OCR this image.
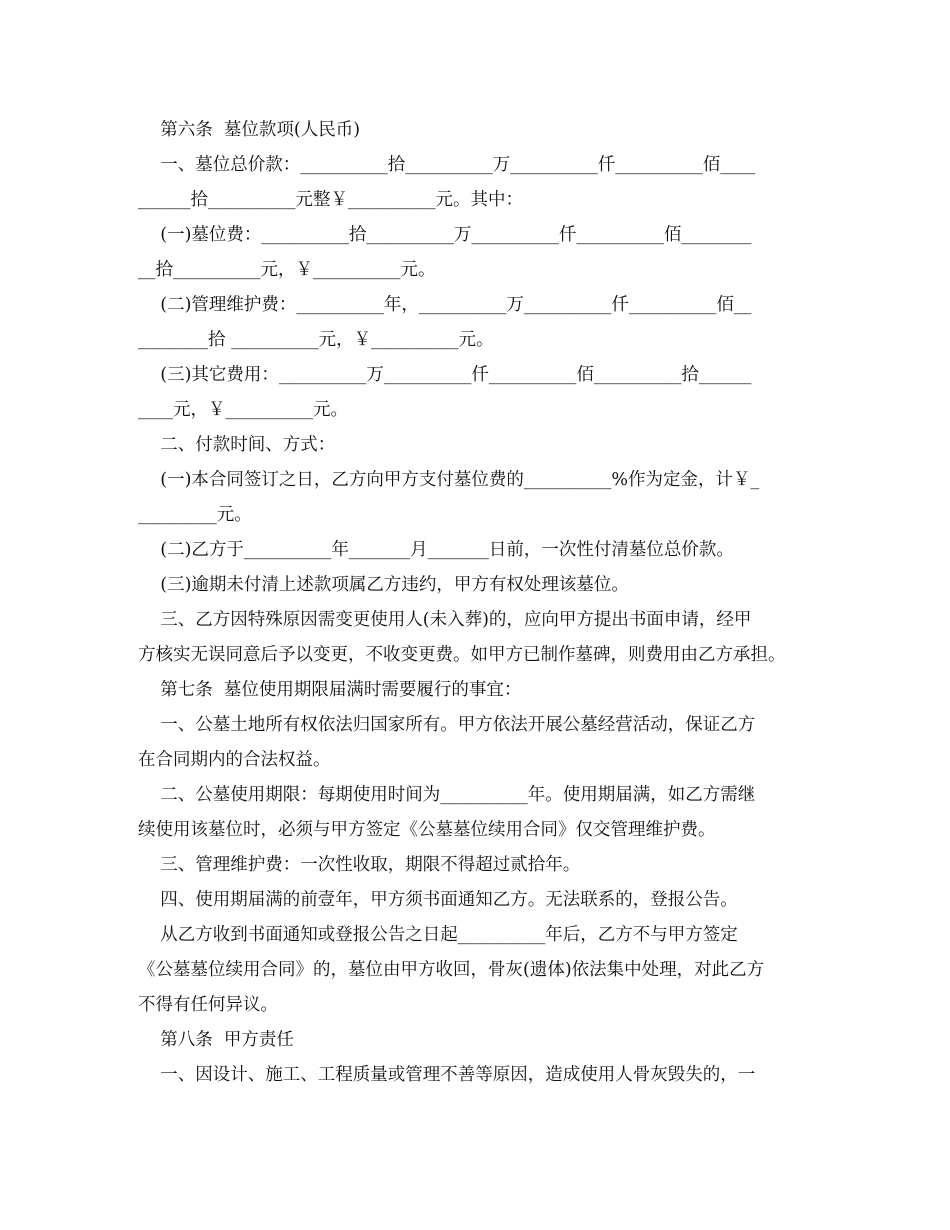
第六条  墓位款项(人民币)
一、墓位总价款：__________拾__________万__________仟__________佰____
______拾__________元整￥__________元。其中：
(一)墓位费：__________拾__________万__________仟__________佰________
__拾__________元，￥__________元。
(二)管理维护费：__________年，__________万__________仟__________佰__
________拾 __________元，￥__________元。
(三)其它费用：__________万__________仟__________佰__________拾______
____元，￥__________元。
二、付款时间、方式：
(一)本合同签订之日，乙方向甲方支付墓位费的__________%作为定金，计￥_
_________元。
(二)乙方于__________年_______月_______日前，一次性付清墓位总价款。
(三)逾期未付清上述款项属乙方违约，甲方有权处理该墓位。
三、乙方因特殊原因需变更使用人(未入葬)的，应向甲方提出书面申请，经甲
方核实无误同意后予以变更，不收变更费。如甲方已制作墓碑，则费用由乙方承担。
第七条  墓位使用期限届满时需要履行的事宜：
一、公墓土地所有权依法归国家所有。甲方依法开展公墓经营活动，保证乙方
在合同期内的合法权益。
二、公墓使用期限：每期使用时间为__________年。使用期届满，如乙方需继
续使用该墓位时，必须与甲方签定《公墓墓位续用合同》仅交管理维护费。
三、管理维护费：一次性收取，期限不得超过贰拾年。
四、使用期届满的前壹年，甲方须书面通知乙方。无法联系的，登报公告。
从乙方收到书面通知或登报公告之日起__________年后，乙方不与甲方签定
《公墓墓位续用合同》的，墓位由甲方收回，骨灰(遗体)依法集中处理，对此乙方
不得有任何异议。
第八条  甲方责任
一、因设计、施工、工程质量或管理不善等原因，造成使用人骨灰毁失的，一
